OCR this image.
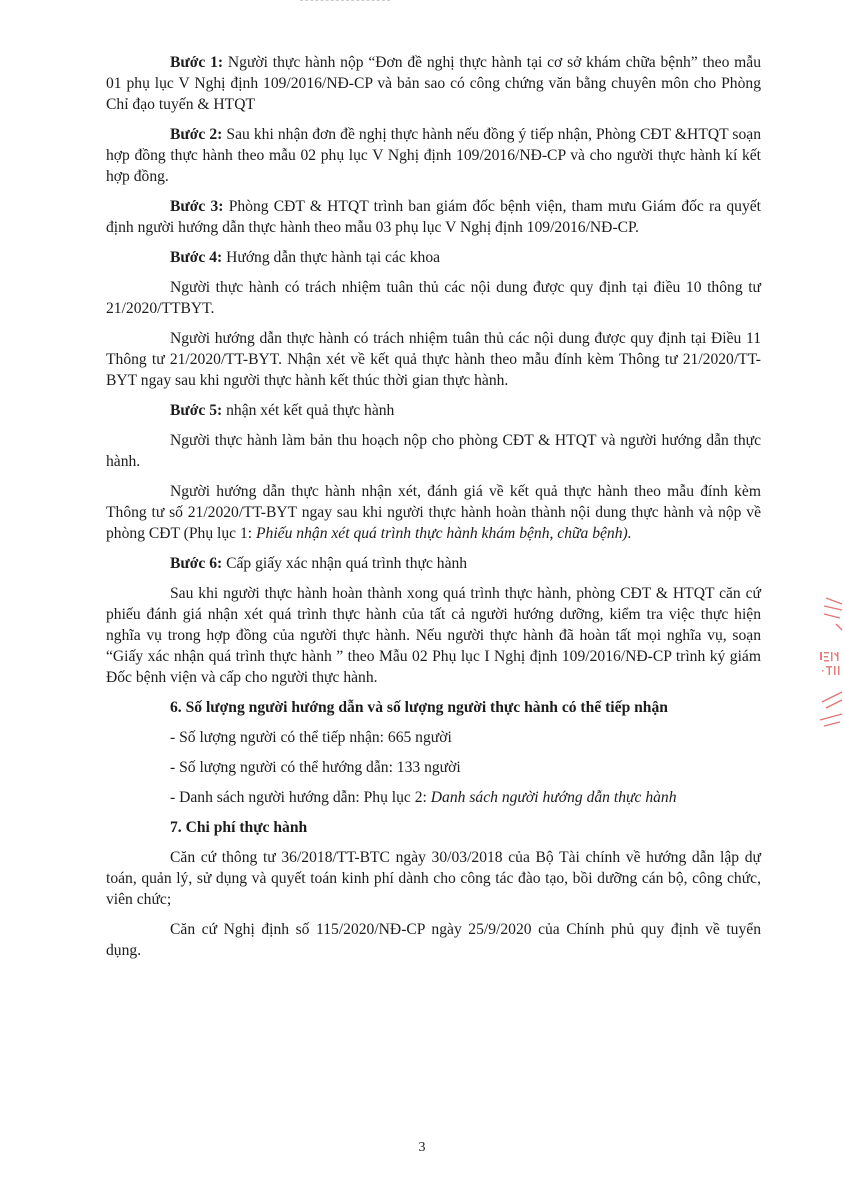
Bước 1: Người thực hành nộp “Đơn đề nghị thực hành tại cơ sở khám chữa bệnh” theo mẫu 01 phụ lục V Nghị định 109/2016/NĐ-CP và bản sao có công chứng văn bằng chuyên môn cho Phòng Chỉ đạo tuyến & HTQT

Bước 2: Sau khi nhận đơn đề nghị thực hành nếu đồng ý tiếp nhận, Phòng CĐT &HTQT soạn hợp đồng thực hành theo mẫu 02 phụ lục V Nghị định 109/2016/NĐ-CP và cho người thực hành kí kết hợp đồng.

Bước 3: Phòng CĐT & HTQT trình ban giám đốc bệnh viện, tham mưu Giám đốc ra quyết định người hướng dẫn thực hành theo mẫu 03 phụ lục V Nghị định 109/2016/NĐ-CP.

Bước 4: Hướng dẫn thực hành tại các khoa

Người thực hành có trách nhiệm tuân thủ các nội dung được quy định tại điều 10 thông tư 21/2020/TTBYT.

Người hướng dẫn thực hành có trách nhiệm tuân thủ các nội dung được quy định tại Điều 11 Thông tư 21/2020/TT-BYT. Nhận xét về kết quả thực hành theo mẫu đính kèm Thông tư 21/2020/TT-BYT ngay sau khi người thực hành kết thúc thời gian thực hành.

Bước 5: nhận xét kết quả thực hành

Người thực hành làm bản thu hoạch nộp cho phòng CĐT & HTQT và người hướng dẫn thực hành.

Người hướng dẫn thực hành nhận xét, đánh giá về kết quả thực hành theo mẫu đính kèm Thông tư số 21/2020/TT-BYT ngay sau khi người thực hành hoàn thành nội dung thực hành và nộp về phòng CĐT (Phụ lục 1: Phiếu nhận xét quá trình thực hành khám bệnh, chữa bệnh).

Bước 6: Cấp giấy xác nhận quá trình thực hành

Sau khi người thực hành hoàn thành xong quá trình thực hành, phòng CĐT & HTQT căn cứ phiếu đánh giá nhận xét quá trình thực hành của tất cả người hướng dưỡng, kiểm tra việc thực hiện nghĩa vụ trong hợp đồng của người thực hành. Nếu người thực hành đã hoàn tất mọi nghĩa vụ, soạn “Giấy xác nhận quá trình thực hành ” theo Mẫu 02 Phụ lục I Nghị định 109/2016/NĐ-CP trình ký giám Đốc bệnh viện và cấp cho người thực hành.

6. Số lượng người hướng dẫn và số lượng người thực hành có thể tiếp nhận

- Số lượng người có thể tiếp nhận: 665 người

- Số lượng người có thể hướng dẫn: 133 người

- Danh sách người hướng dẫn: Phụ lục 2: Danh sách người hướng dẫn thực hành

7. Chi phí thực hành

Căn cứ thông tư 36/2018/TT-BTC ngày 30/03/2018 của Bộ Tài chính về hướng dẫn lập dự toán, quản lý, sử dụng và quyết toán kinh phí dành cho công tác đào tạo, bồi dưỡng cán bộ, công chức, viên chức;

Căn cứ Nghị định số 115/2020/NĐ-CP ngày 25/9/2020 của Chính phủ quy định về tuyển dụng.

3
